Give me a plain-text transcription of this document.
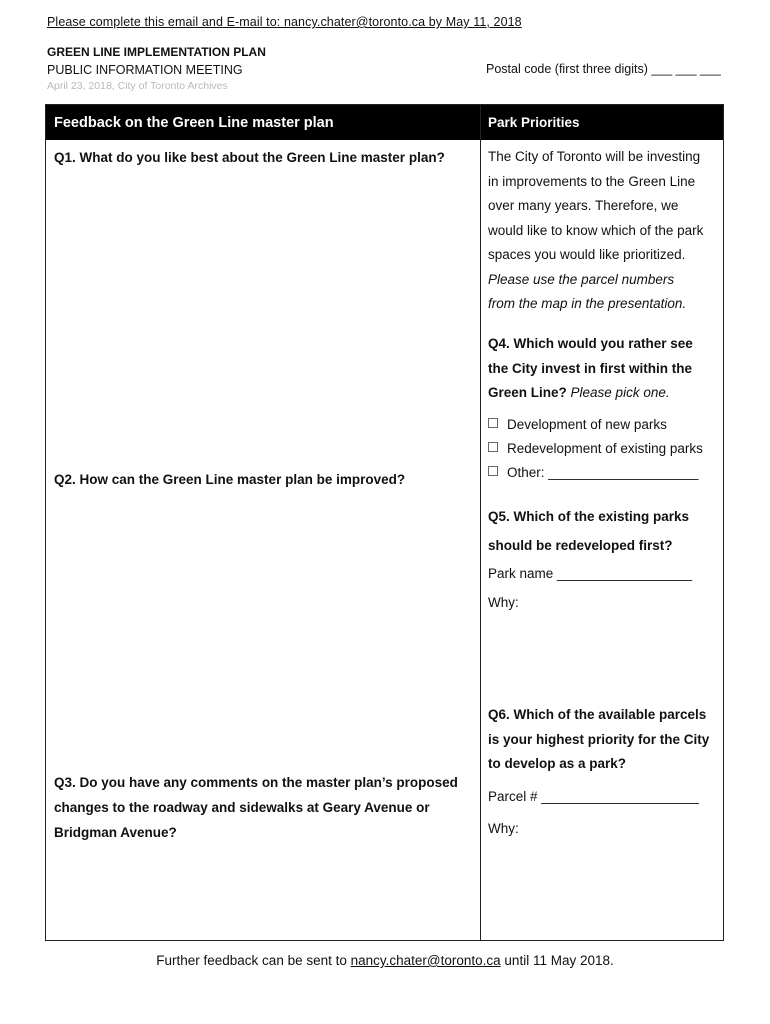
Please complete this email and E-mail to: nancy.chater@toronto.ca by May 11, 2018
GREEN LINE IMPLEMENTATION PLAN
PUBLIC INFORMATION MEETING
April 23, 2018, City of Toronto Archives
Postal code (first three digits) ___ ___ ___
Feedback on the Green Line master plan	Park Priorities
Q1. What do you like best about the Green Line master plan?
Q2. How can the Green Line master plan be improved?
Q3. Do you have any comments on the master plan’s proposed
changes to the roadway and sidewalks at Geary Avenue or
Bridgman Avenue?
The City of Toronto will be investing
in improvements to the Green Line
over many years. Therefore, we
would like to know which of the park
spaces you would like prioritized.
Please use the parcel numbers
from the map in the presentation.
Q4. Which would you rather see
the City invest in first within the
Green Line? Please pick one.
Development of new parks
Redevelopment of existing parks
Other: ____________________
Q5. Which of the existing parks
should be redeveloped first?
Park name __________________
Why:
Q6. Which of the available parcels
is your highest priority for the City
to develop as a park?
Parcel # _____________________
Why:
Further feedback can be sent to nancy.chater@toronto.ca until 11 May 2018.
